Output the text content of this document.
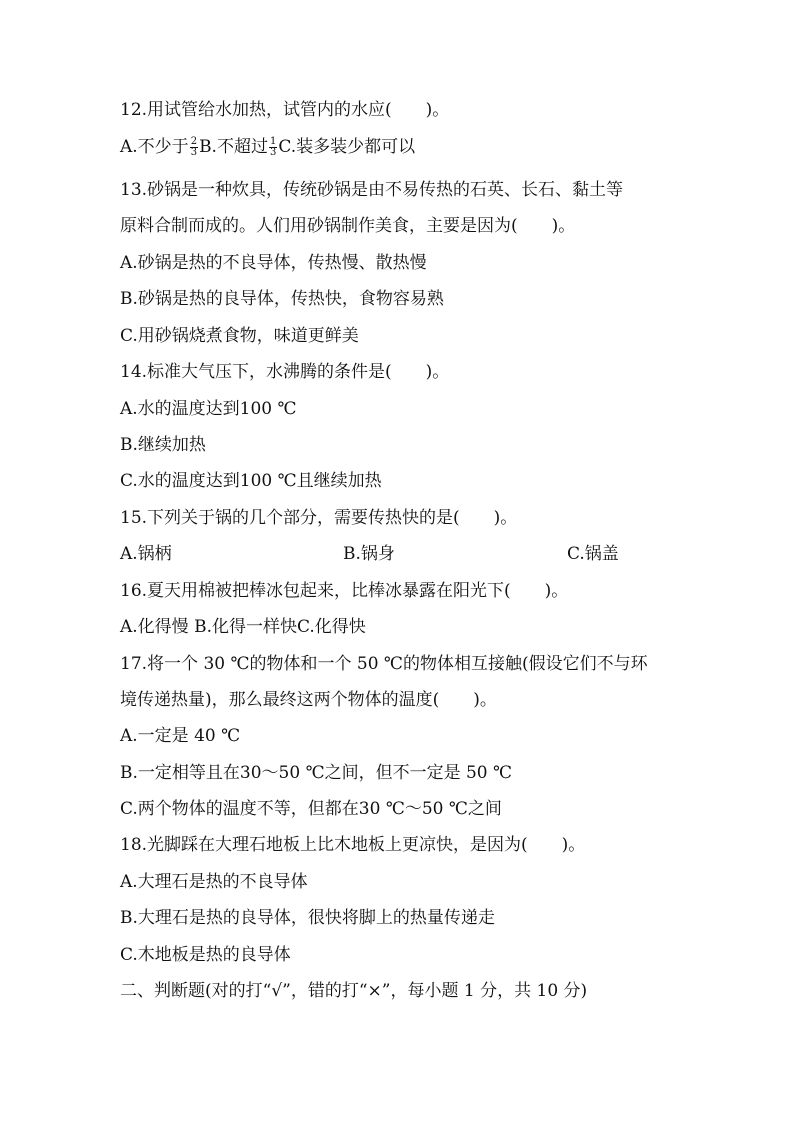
12.用试管给水加热，试管内的水应(　　)。
A.不少于 $\frac{2}{3} B$.不超过 $\frac{1}{3} C$.装多装少都可以
13.砂锅是一种炊具，传统砂锅是由不易传热的石英、长石、黏土等
原料合制而成的。人们用砂锅制作美食，主要是因为(　　)。
A.砂锅是热的不良导体，传热慢、散热慢
B.砂锅是热的良导体，传热快，食物容易熟
C.用砂锅烧煮食物，味道更鲜美
14.标准大气压下，水沸腾的条件是(　　)。
A.水的温度达到100 ℃
B.继续加热
C.水的温度达到100 ℃且继续加热
15.下列关于锅的几个部分，需要传热快的是(　　)。
A.锅柄	B.锅身	C.锅盖
16.夏天用棉被把棒冰包起来，比棒冰暴露在阳光下(　　)。
A.化得慢 B.化得一样快C.化得快
17.将一个 30 ℃的物体和一个 50 ℃的物体相互接触(假设它们不与环
境传递热量)，那么最终这两个物体的温度(　　)。
A.一定是 40 ℃
B.一定相等且在30～50 ℃之间，但不一定是 50 ℃
C.两个物体的温度不等，但都在30 ℃～50 ℃之间
18.光脚踩在大理石地板上比木地板上更凉快，是因为(　　)。
A.大理石是热的不良导体
B.大理石是热的良导体，很快将脚上的热量传递走
C.木地板是热的良导体
二、判断题(对的打“√”，错的打“×”，每小题 1 分，共 10 分)
